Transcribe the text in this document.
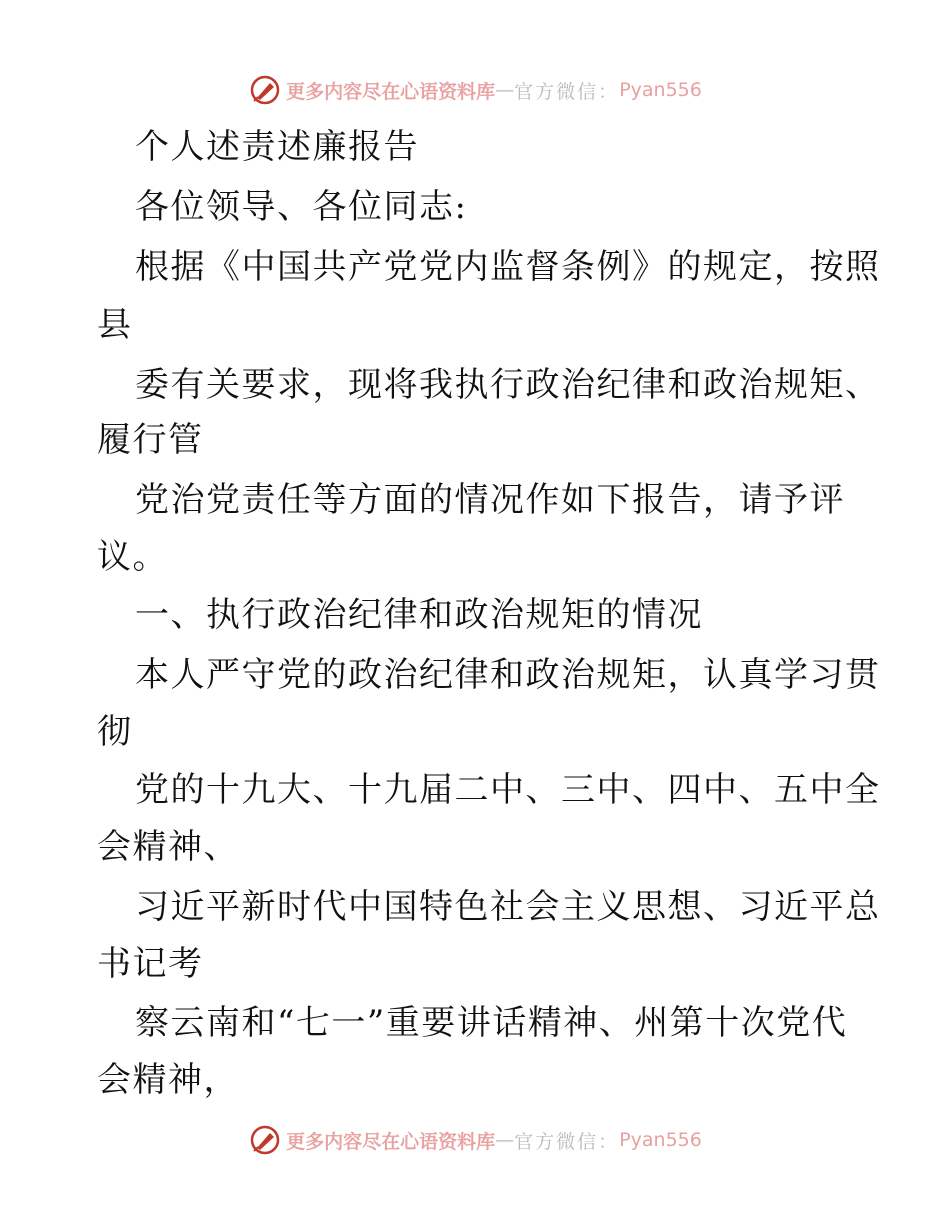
更多内容尽在心语资料库 — 官方微信： Pyan556
个人述责述廉报告
各位领导、各位同志:
根据《中国共产党党内监督条例》的规定，按照
县
委有关要求，现将我执行政治纪律和政治规矩、
履行管
党治党责任等方面的情况作如下报告，请予评
议。
一、执行政治纪律和政治规矩的情况
本人严守党的政治纪律和政治规矩，认真学习贯
彻
党的十九大、十九届二中、三中、四中、五中全
会精神、
习近平新时代中国特色社会主义思想、习近平总
书记考
察云南和“七一”重要讲话精神、州第十次党代
会精神，
更多内容尽在心语资料库 — 官方微信： Pyan556
